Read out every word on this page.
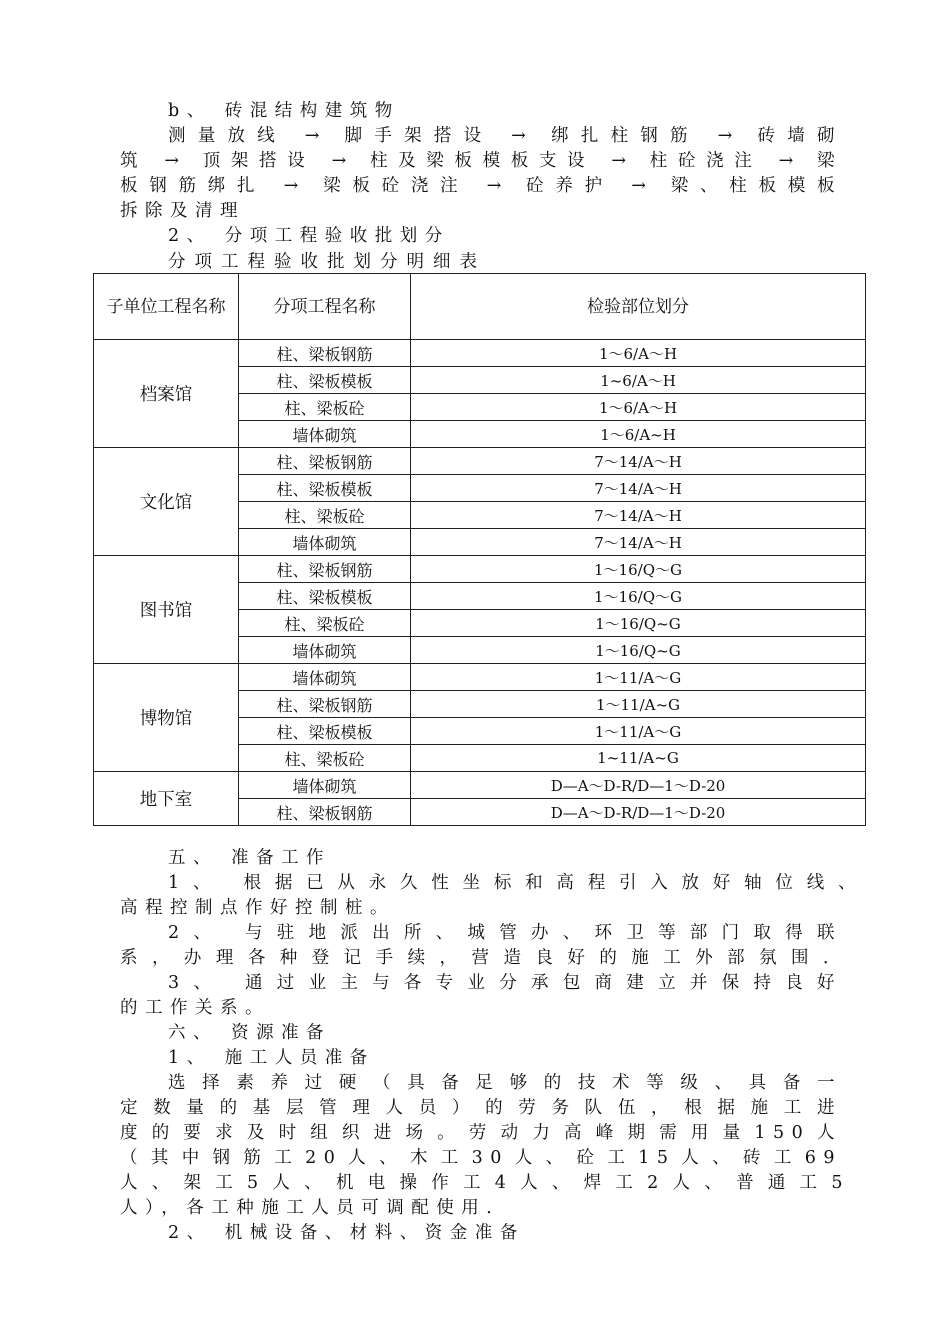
b、 砖混结构建筑物
测量放线 → 脚手架搭设 → 绑扎柱钢筋 → 砖墙砌
筑 → 顶架搭设 → 柱及梁板模板支设 → 柱砼浇注 → 梁
板钢筋绑扎 → 梁板砼浇注 → 砼养护 → 梁、柱板模板
拆除及清理
2、 分项工程验收批划分
分项工程验收批划分明细表
子单位工程名称	分项工程名称	检验部位划分
档案馆	柱、梁板钢筋	1～6/A～H
	柱、梁板模板	1~6/A～H
	柱、梁板砼	1～6/A～H
	墙体砌筑	1～6/A~H
文化馆	柱、梁板钢筋	7～14/A～H
	柱、梁板模板	7～14/A～H
	柱、梁板砼	7～14/A～H
	墙体砌筑	7～14/A～H
图书馆	柱、梁板钢筋	1～16/Q～G
	柱、梁板模板	1～16/Q～G
	柱、梁板砼	1～16/Q~G
	墙体砌筑	1～16/Q~G
博物馆	墙体砌筑	1～11/A～G
	柱、梁板钢筋	1～11/A~G
	柱、梁板模板	1～11/A～G
	柱、梁板砼	1~11/A~G
地下室	墙体砌筑	D—A～D-R/D—1～D-20
	柱、梁板钢筋	D—A～D-R/D—1～D-20
五、 准备工作
1、 根据已从永久性坐标和高程引入放好轴位线、
高程控制点作好控制桩。
2、 与驻地派出所、城管办、环卫等部门取得联
系，办理各种登记手续，营造良好的施工外部氛围．
3、 通过业主与各专业分承包商建立并保持良好
的工作关系。
六、 资源准备
1、 施工人员准备
选择素养过硬（具备足够的技术等级、具备一
定数量的基层管理人员）的劳务队伍，根据施工进
度的要求及时组织进场。劳动力高峰期需用量150人
（其中钢筋工20人、木工30人、砼工15人、砖工69
人、架工5人、机电操作工4人、焊工2人、普通工5
人），各工种施工人员可调配使用．
2、 机械设备、材料、资金准备
